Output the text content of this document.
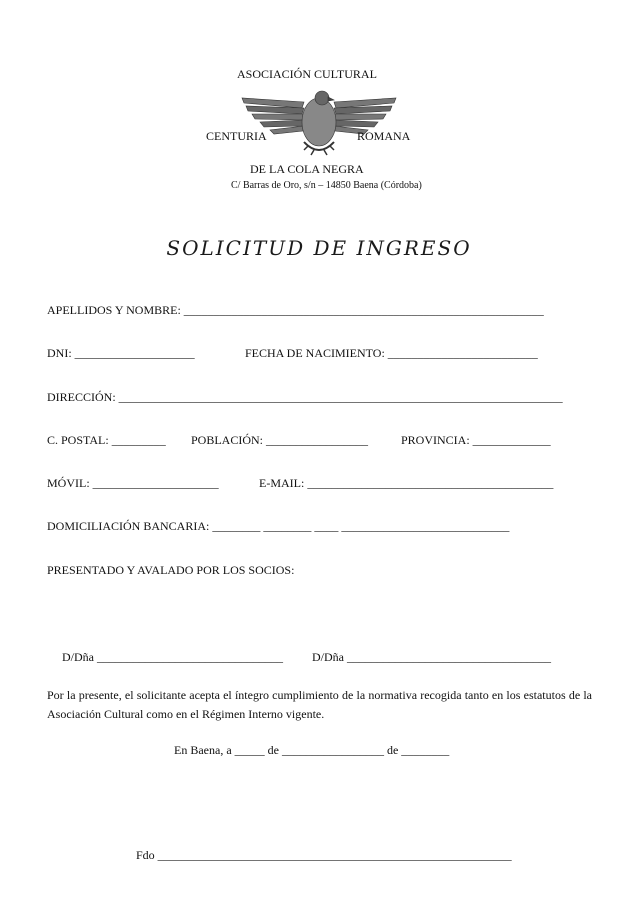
ASOCIACIÓN CULTURAL
CENTURIA	ROMANA
DE LA COLA NEGRA
C/ Barras de Oro, s/n – 14850 Baena (Córdoba)
SOLICITUD DE INGRESO
APELLIDOS Y NOMBRE: ____________________________________________________________
DNI: ____________________	FECHA DE NACIMIENTO: _________________________
DIRECCIÓN: __________________________________________________________________________
C. POSTAL: _________ POBLACIÓN: _________________	PROVINCIA: _____________
MÓVIL: _____________________	E-MAIL: _________________________________________
DOMICILIACIÓN BANCARIA: ________ ________ ____ ____________________________
PRESENTADO Y AVALADO POR LOS SOCIOS:
D/Dña _______________________________ D/Dña __________________________________
Por la presente, el solicitante acepta el íntegro cumplimiento de la normativa recogida tanto en los estatutos de la Asociación Cultural como en el Régimen Interno vigente.
En Baena, a _____ de _________________ de ________
Fdo ___________________________________________________________
